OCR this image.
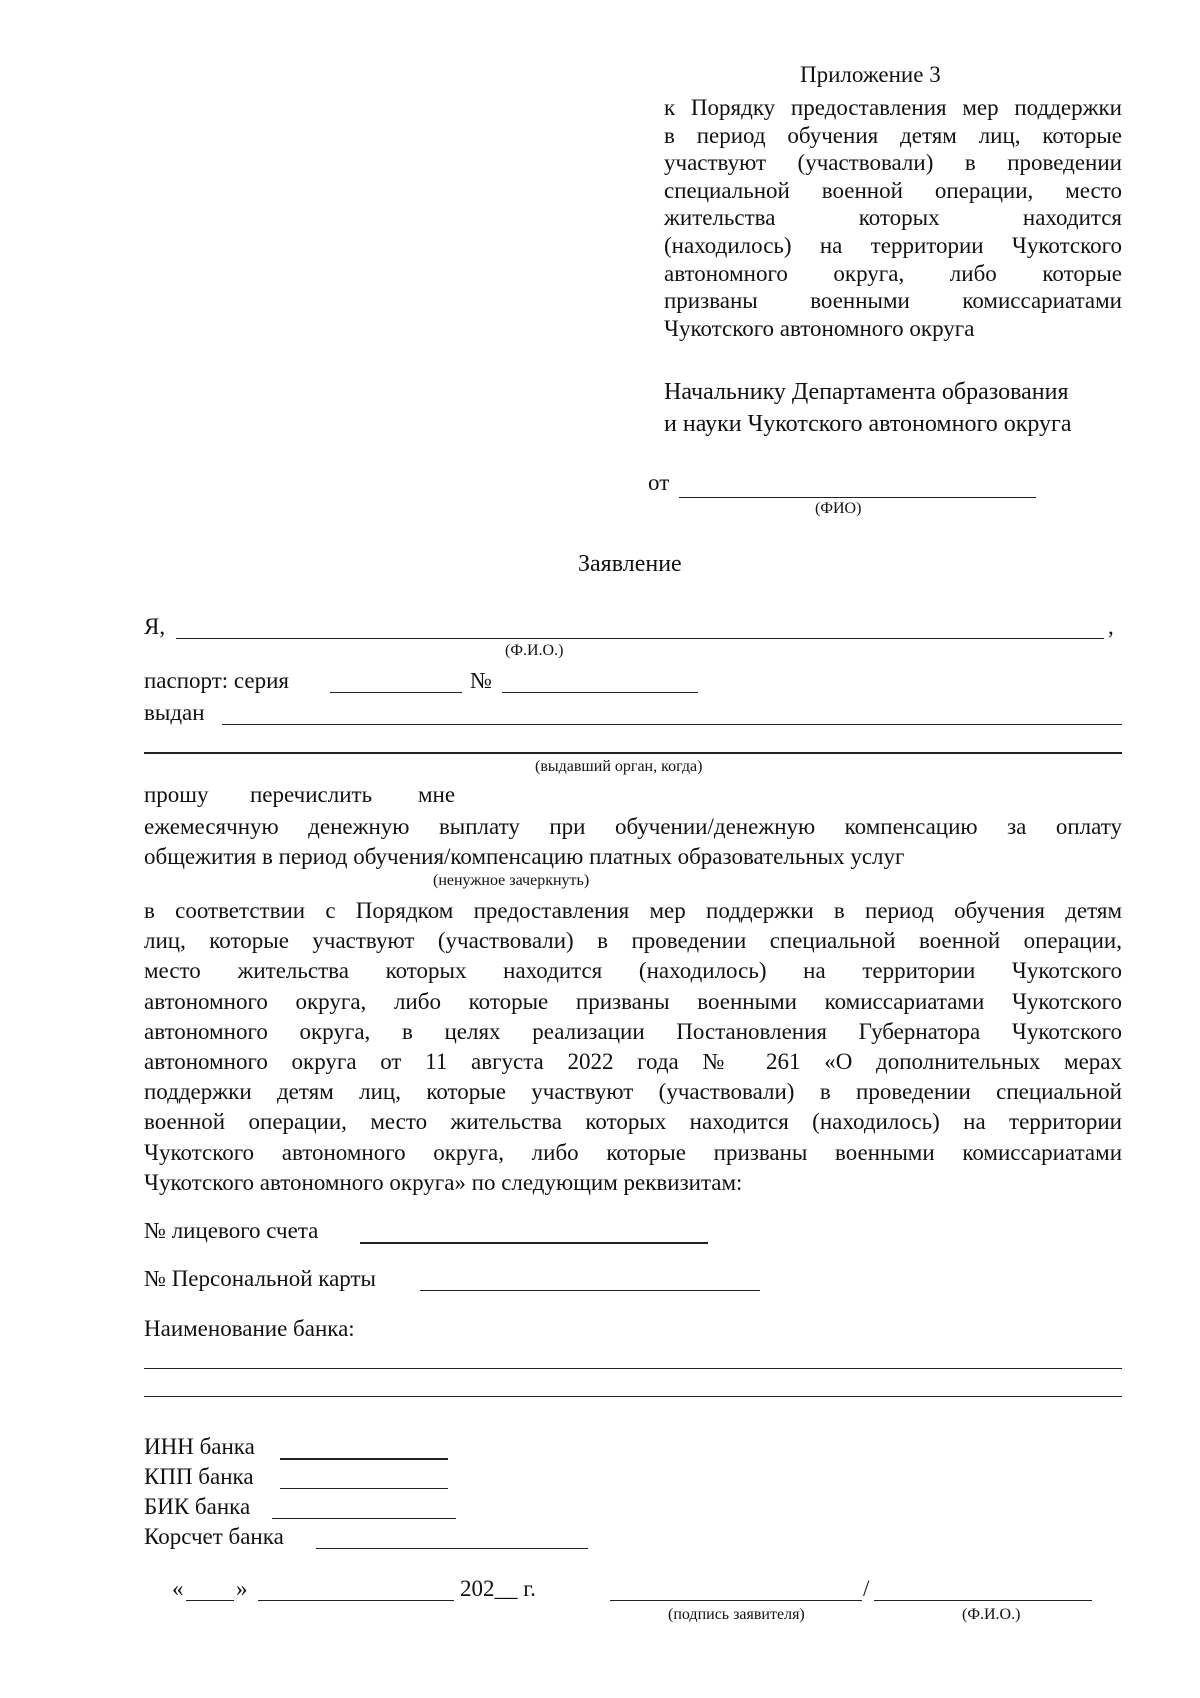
Приложение 3
к Порядку предоставления мер поддержки
в период обучения детям лиц, которые
участвуют (участвовали) в проведении
специальной военной операции, место
жительства которых находится
(находилось) на территории Чукотского
автономного округа, либо которые
призваны военными комиссариатами
Чукотского автономного округа
Начальнику Департамента образования
и науки Чукотского автономного округа
от
(ФИО)
Заявление
Я,	,
(Ф.И.О.)
паспорт: серия	№
выдан
(выдавший орган, когда)
прошу перечислить мне
ежемесячную денежную выплату при обучении/денежную компенсацию за оплату
общежития в период обучения/компенсацию платных образовательных услуг
(ненужное зачеркнуть)
в соответствии с Порядком предоставления мер поддержки в период обучения детям
лиц, которые участвуют (участвовали) в проведении специальной военной операции,
место жительства которых находится (находилось) на территории Чукотского
автономного округа, либо которые призваны военными комиссариатами Чукотского
автономного округа, в целях реализации Постановления Губернатора Чукотского
автономного округа от 11 августа 2022 года № 261 «О дополнительных мерах
поддержки детям лиц, которые участвуют (участвовали) в проведении специальной
военной операции, место жительства которых находится (находилось) на территории
Чукотского автономного округа, либо которые призваны военными комиссариатами
Чукотского автономного округа» по следующим реквизитам:
№ лицевого счета
№ Персональной карты
Наименование банка:
ИНН банка
КПП банка
БИК банка
Корсчет банка
« »	202__ г.	/
(подпись заявителя)	(Ф.И.О.)
